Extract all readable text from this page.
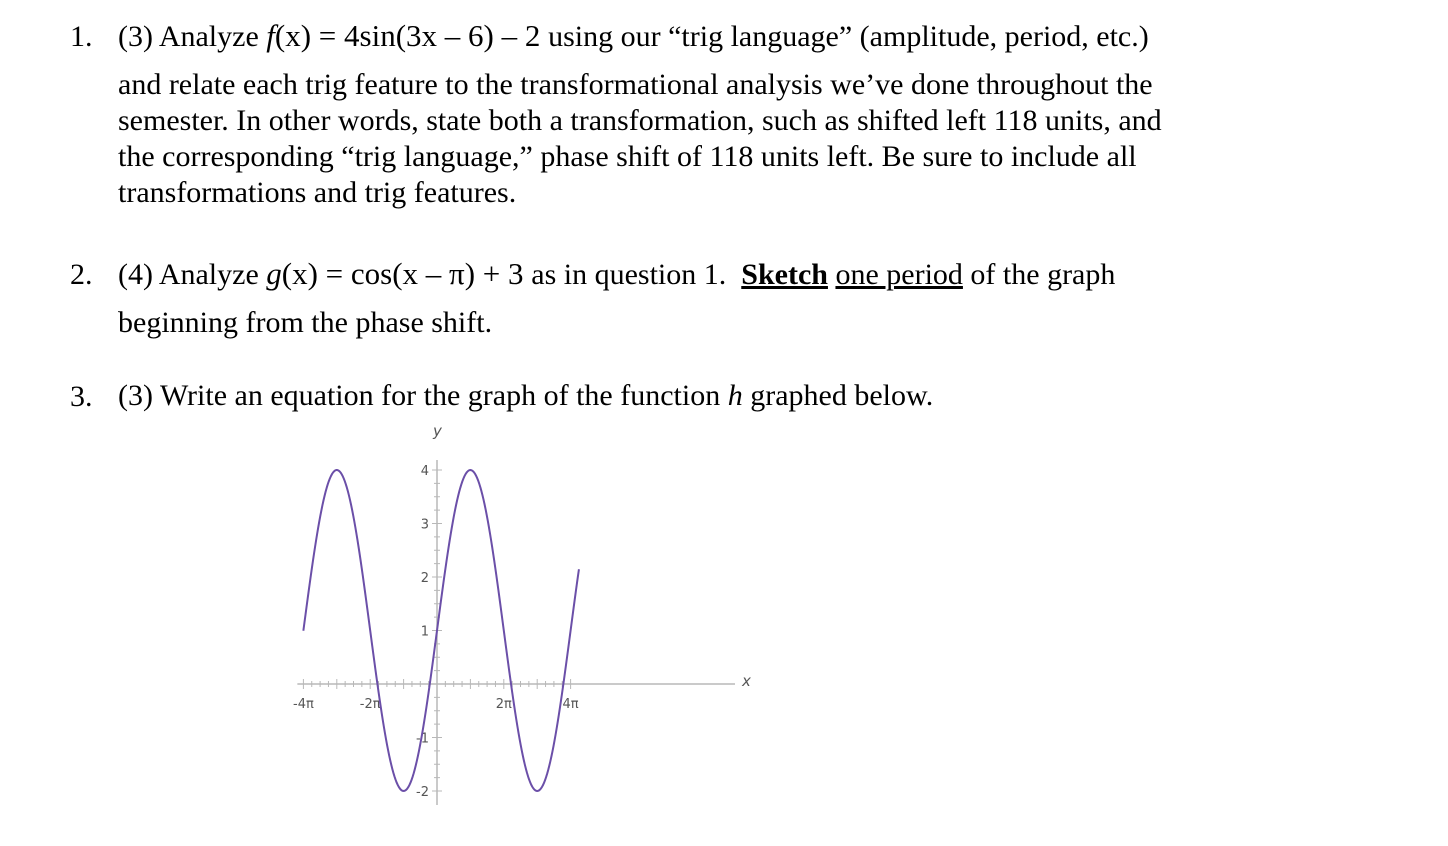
1. (3) Analyze f(x) = 4sin(3x – 6) – 2 using our “trig language” (amplitude, period, etc.)
and relate each trig feature to the transformational analysis we’ve done throughout the
semester. In other words, state both a transformation, such as shifted left 118 units, and
the corresponding “trig language,” phase shift of 118 units left. Be sure to include all
transformations and trig features.
2. (4) Analyze g(x) = cos(x – π) + 3 as in question 1. Sketch one period of the graph
beginning from the phase shift.
3. (3) Write an equation for the graph of the function h graphed below.
x
y
-4π	-2π	2π	4π
4
3
2
1
-1
-2
